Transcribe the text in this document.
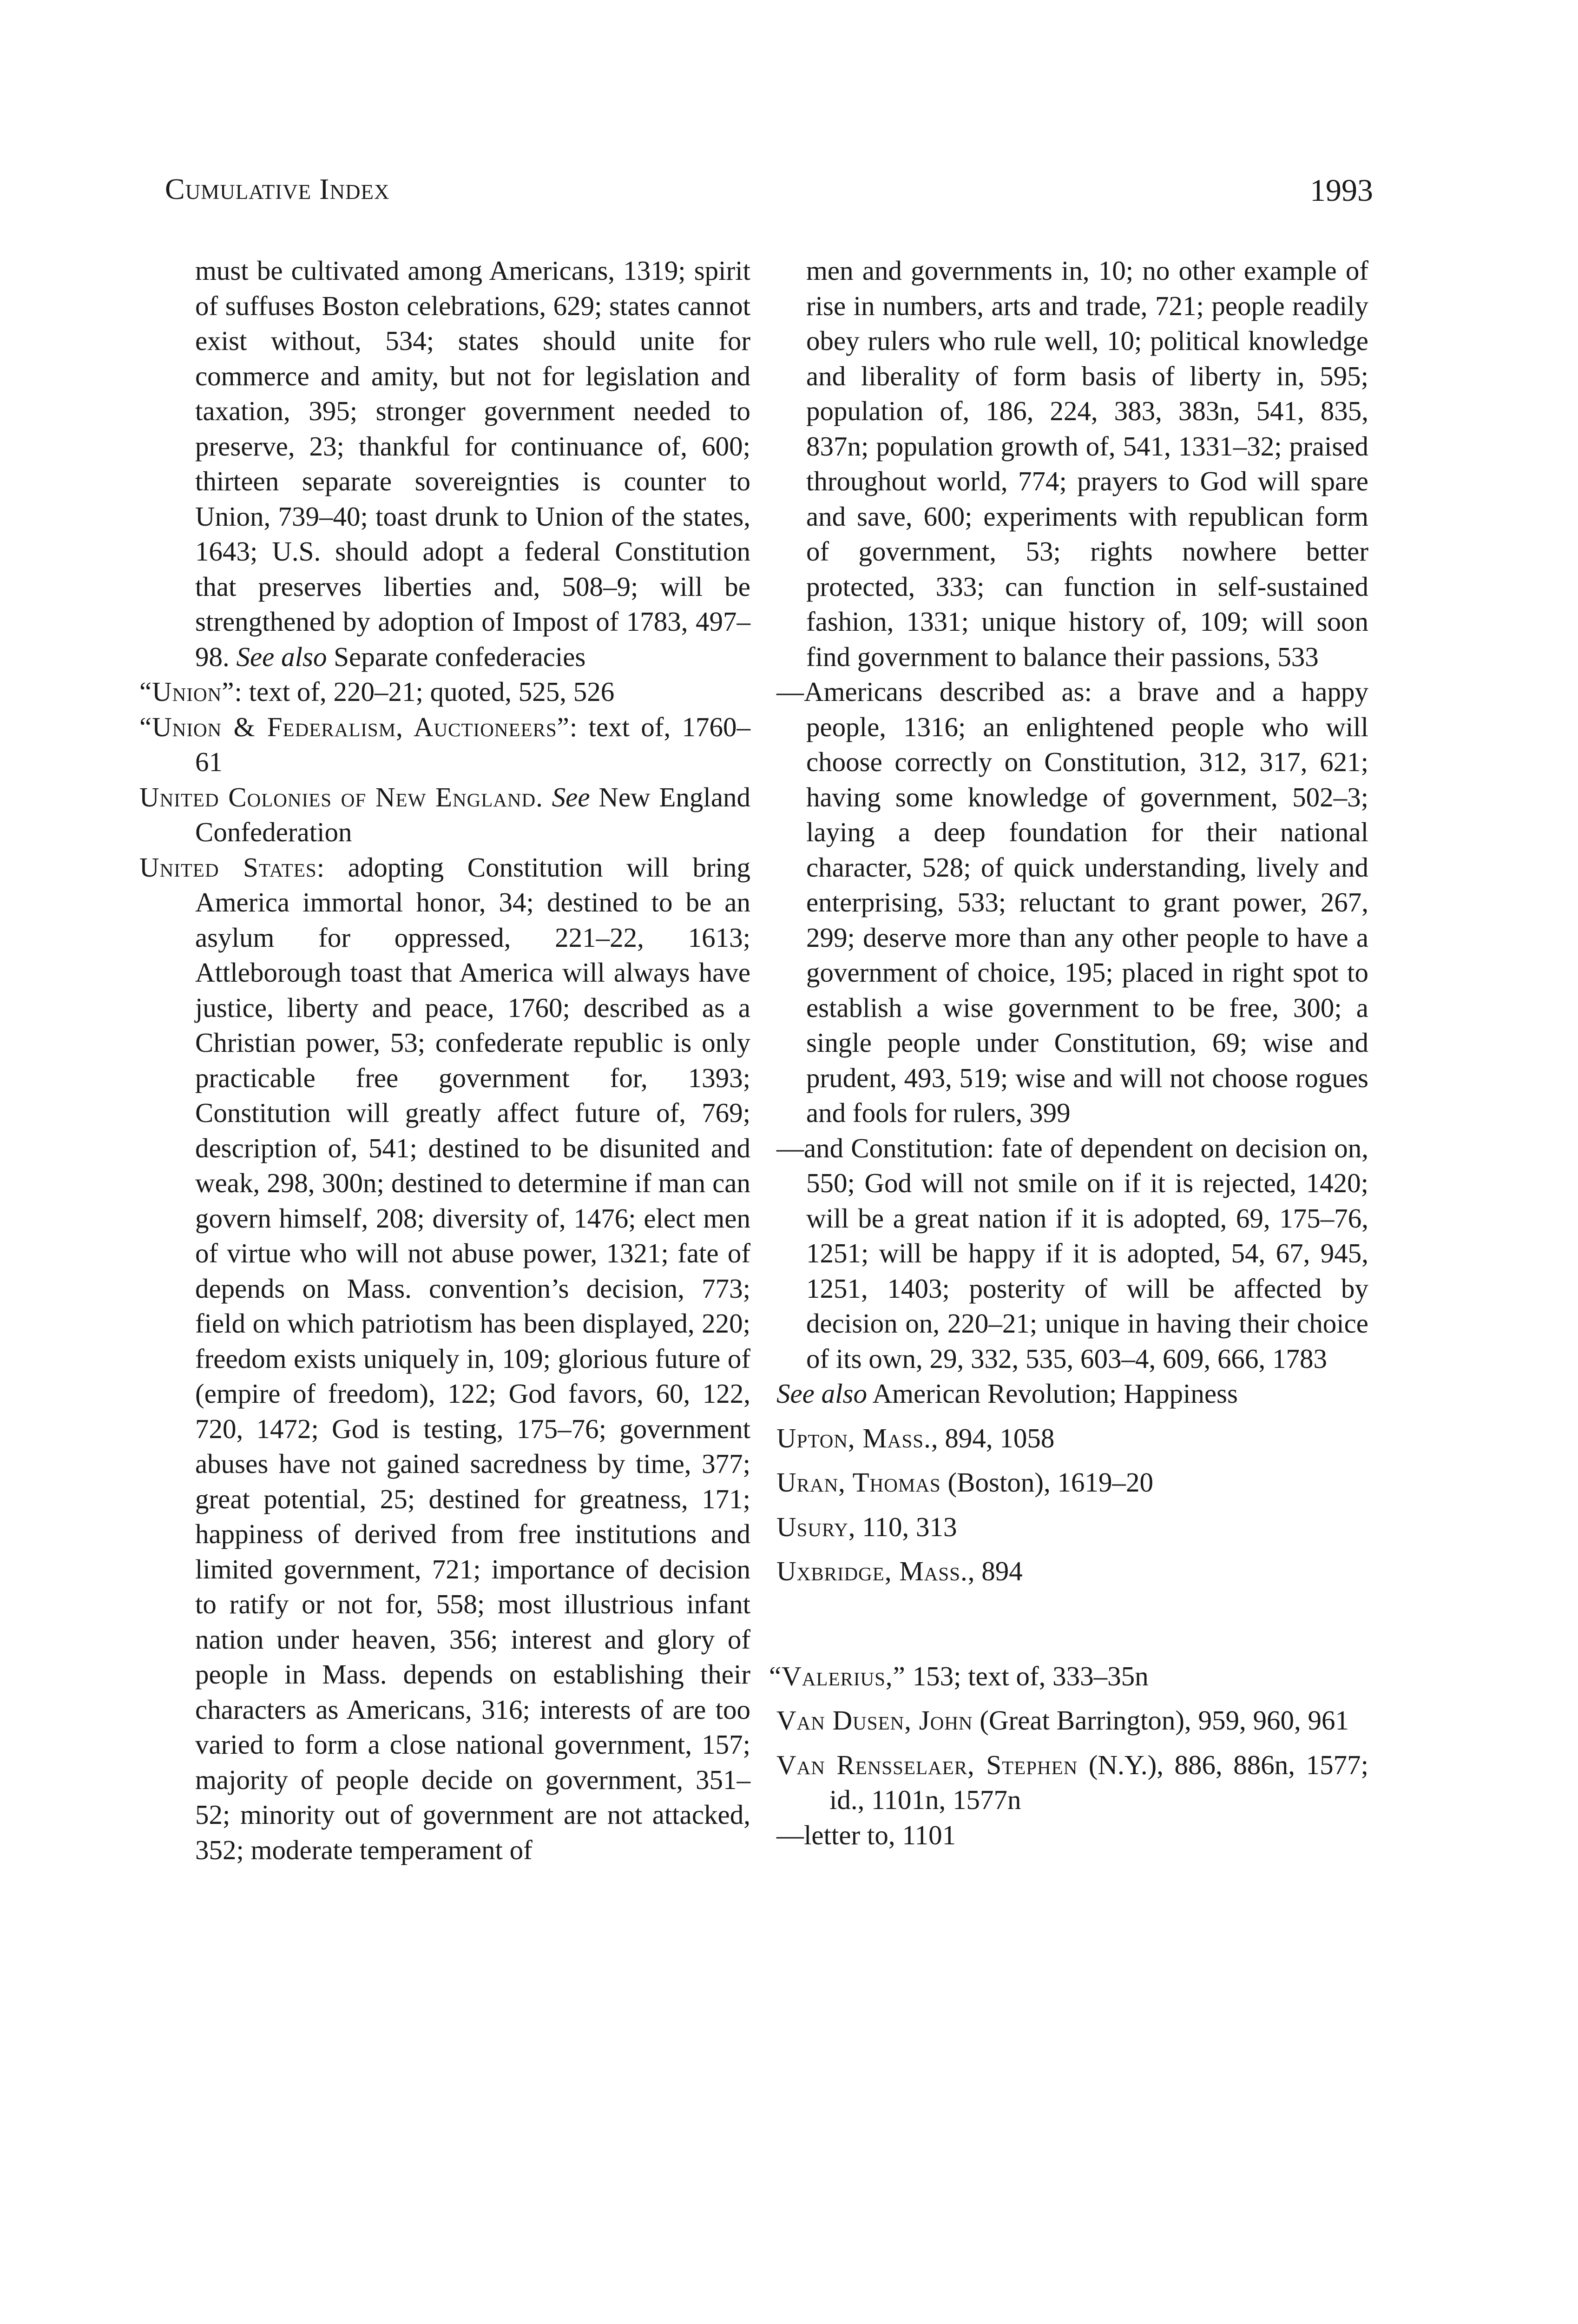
Cumulative Index	1993

must be cultivated among Americans, 1319; spirit of suffuses Boston celebrations, 629; states cannot exist without, 534; states should unite for commerce and amity, but not for legislation and taxation, 395; stronger government needed to preserve, 23; thankful for continuance of, 600; thirteen separate sovereignties is counter to Union, 739–40; toast drunk to Union of the states, 1643; U.S. should adopt a federal Constitution that preserves liberties and, 508–9; will be strengthened by adoption of Impost of 1783, 497–98. See also Separate confederacies

“Union”: text of, 220–21; quoted, 525, 526

“Union & Federalism, Auctioneers”: text of, 1760–61

United Colonies of New England. See New England Confederation

United States: adopting Constitution will bring America immortal honor, 34; destined to be an asylum for oppressed, 221–22, 1613; Attleborough toast that America will always have justice, liberty and peace, 1760; described as a Christian power, 53; confederate republic is only practicable free government for, 1393; Constitution will greatly affect future of, 769; description of, 541; destined to be disunited and weak, 298, 300n; destined to determine if man can govern himself, 208; diversity of, 1476; elect men of virtue who will not abuse power, 1321; fate of depends on Mass. convention’s decision, 773; field on which patriotism has been displayed, 220; freedom exists uniquely in, 109; glorious future of (empire of freedom), 122; God favors, 60, 122, 720, 1472; God is testing, 175–76; government abuses have not gained sacredness by time, 377; great potential, 25; destined for greatness, 171; happiness of derived from free institutions and limited government, 721; importance of decision to ratify or not for, 558; most illustrious infant nation under heaven, 356; interest and glory of people in Mass. depends on establishing their characters as Americans, 316; interests of are too varied to form a close national government, 157; majority of people decide on government, 351–52; minority out of government are not attacked, 352; moderate temperament of

men and governments in, 10; no other example of rise in numbers, arts and trade, 721; people readily obey rulers who rule well, 10; political knowledge and liberality of form basis of liberty in, 595; population of, 186, 224, 383, 383n, 541, 835, 837n; population growth of, 541, 1331–32; praised throughout world, 774; prayers to God will spare and save, 600; experiments with republican form of government, 53; rights nowhere better protected, 333; can function in self-sustained fashion, 1331; unique history of, 109; will soon find government to balance their passions, 533

—Americans described as: a brave and a happy people, 1316; an enlightened people who will choose correctly on Constitution, 312, 317, 621; having some knowledge of government, 502–3; laying a deep foundation for their national character, 528; of quick understanding, lively and enterprising, 533; reluctant to grant power, 267, 299; deserve more than any other people to have a government of choice, 195; placed in right spot to establish a wise government to be free, 300; a single people under Constitution, 69; wise and prudent, 493, 519; wise and will not choose rogues and fools for rulers, 399

—and Constitution: fate of dependent on decision on, 550; God will not smile on if it is rejected, 1420; will be a great nation if it is adopted, 69, 175–76, 1251; will be happy if it is adopted, 54, 67, 945, 1251, 1403; posterity of will be affected by decision on, 220–21; unique in having their choice of its own, 29, 332, 535, 603–4, 609, 666, 1783

See also American Revolution; Happiness

Upton, Mass., 894, 1058

Uran, Thomas (Boston), 1619–20

Usury, 110, 313

Uxbridge, Mass., 894

“Valerius,” 153; text of, 333–35n

Van Dusen, John (Great Barrington), 959, 960, 961

Van Rensselaer, Stephen (N.Y.), 886, 886n, 1577; id., 1101n, 1577n

—letter to, 1101
